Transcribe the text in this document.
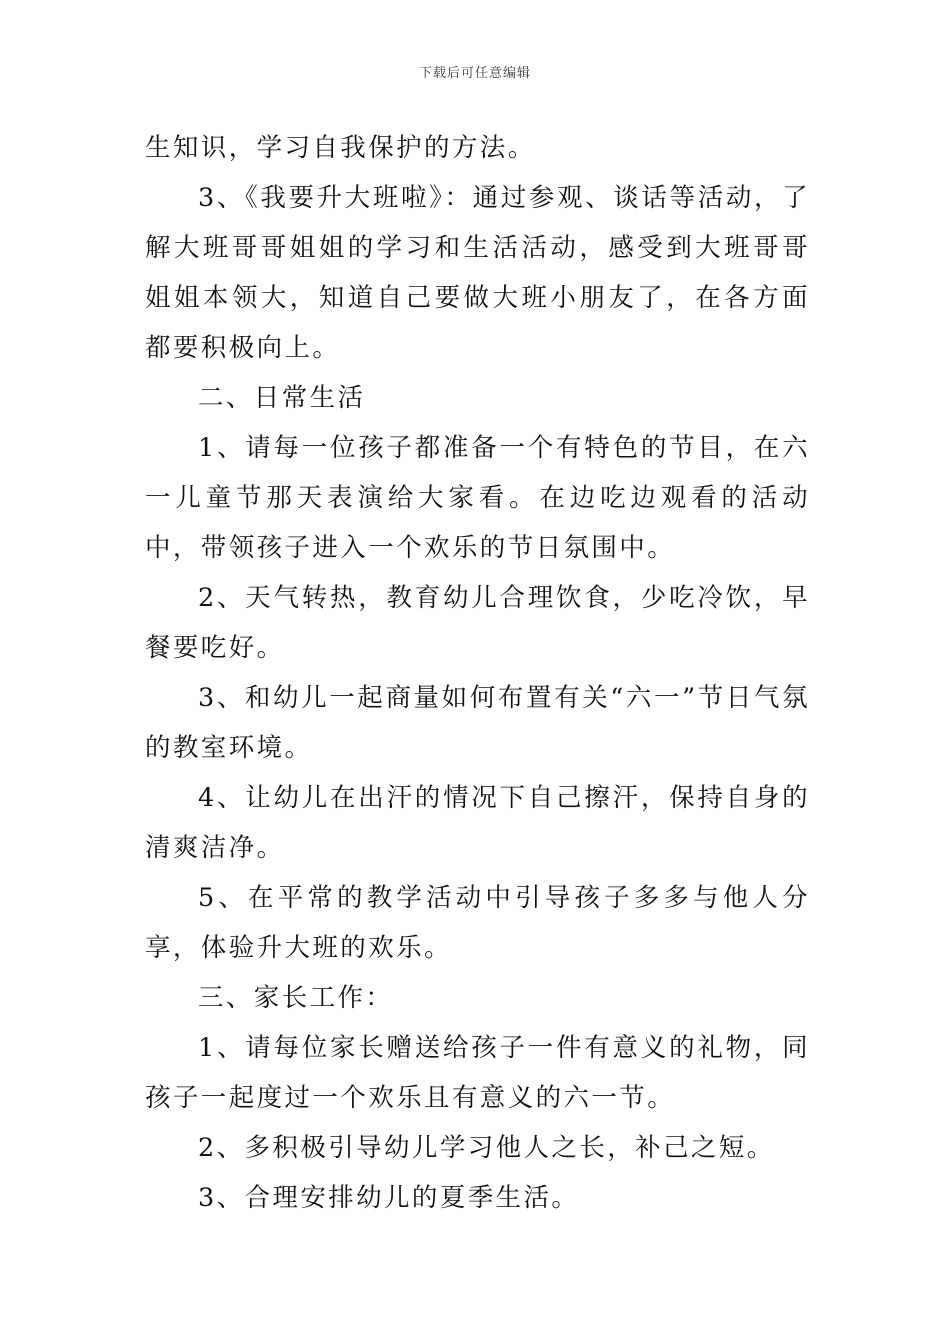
下载后可任意编辑

生知识，学习自我保护的方法。

3、《我要升大班啦》：通过参观、谈话等活动，了解大班哥哥姐姐的学习和生活活动，感受到大班哥哥姐姐本领大，知道自己要做大班小朋友了，在各方面都要积极向上。

二、日常生活

1、请每一位孩子都准备一个有特色的节目，在六一儿童节那天表演给大家看。在边吃边观看的活动中，带领孩子进入一个欢乐的节日氛围中。

2、天气转热，教育幼儿合理饮食，少吃冷饮，早餐要吃好。

3、和幼儿一起商量如何布置有关“六一”节日气氛的教室环境。

4、让幼儿在出汗的情况下自己擦汗，保持自身的清爽洁净。

5、在平常的教学活动中引导孩子多多与他人分享，体验升大班的欢乐。

三、家长工作：

1、请每位家长赠送给孩子一件有意义的礼物，同孩子一起度过一个欢乐且有意义的六一节。

2、多积极引导幼儿学习他人之长，补己之短。

3、合理安排幼儿的夏季生活。
